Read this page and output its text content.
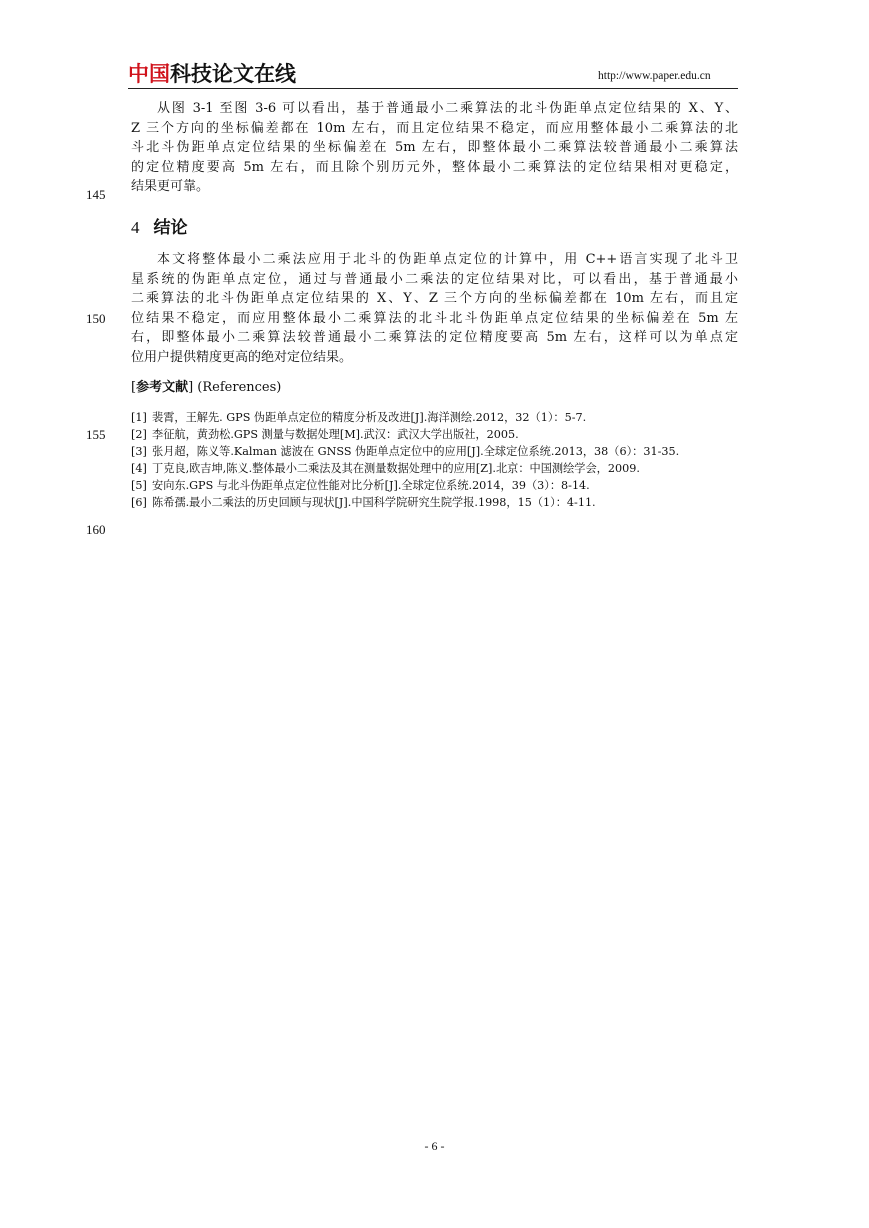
中国科技论文在线	http://www.paper.edu.cn
从图 3-1 至图 3-6 可以看出，基于普通最小二乘算法的北斗伪距单点定位结果的 X、Y、
Z 三个方向的坐标偏差都在 10m 左右，而且定位结果不稳定，而应用整体最小二乘算法的北
斗北斗伪距单点定位结果的坐标偏差在 5m 左右，即整体最小二乘算法较普通最小二乘算法
的定位精度要高 5m 左右，而且除个别历元外，整体最小二乘算法的定位结果相对更稳定，
结果更可靠。
145
150
155
160
4 结论
本文将整体最小二乘法应用于北斗的伪距单点定位的计算中，用 C++语言实现了北斗卫
星系统的伪距单点定位，通过与普通最小二乘法的定位结果对比，可以看出，基于普通最小
二乘算法的北斗伪距单点定位结果的 X、Y、Z 三个方向的坐标偏差都在 10m 左右，而且定
位结果不稳定，而应用整体最小二乘算法的北斗北斗伪距单点定位结果的坐标偏差在 5m 左
右，即整体最小二乘算法较普通最小二乘算法的定位精度要高 5m 左右，这样可以为单点定
位用户提供精度更高的绝对定位结果。
[参考文献] (References)
[1] 裴霄，王解先. GPS 伪距单点定位的精度分析及改进[J].海洋测绘.2012，32（1）：5-7.
[2] 李征航，黄劲松.GPS 测量与数据处理[M].武汉：武汉大学出版社，2005.
[3] 张月超，陈义等.Kalman 滤波在 GNSS 伪距单点定位中的应用[J].全球定位系统.2013，38（6）：31-35.
[4] 丁克良,欧吉坤,陈义.整体最小二乘法及其在测量数据处理中的应用[Z].北京：中国测绘学会，2009.
[5] 安向东.GPS 与北斗伪距单点定位性能对比分析[J].全球定位系统.2014，39（3）：8-14.
[6] 陈希孺.最小二乘法的历史回顾与现状[J].中国科学院研究生院学报.1998，15（1）：4-11.
- 6 -
